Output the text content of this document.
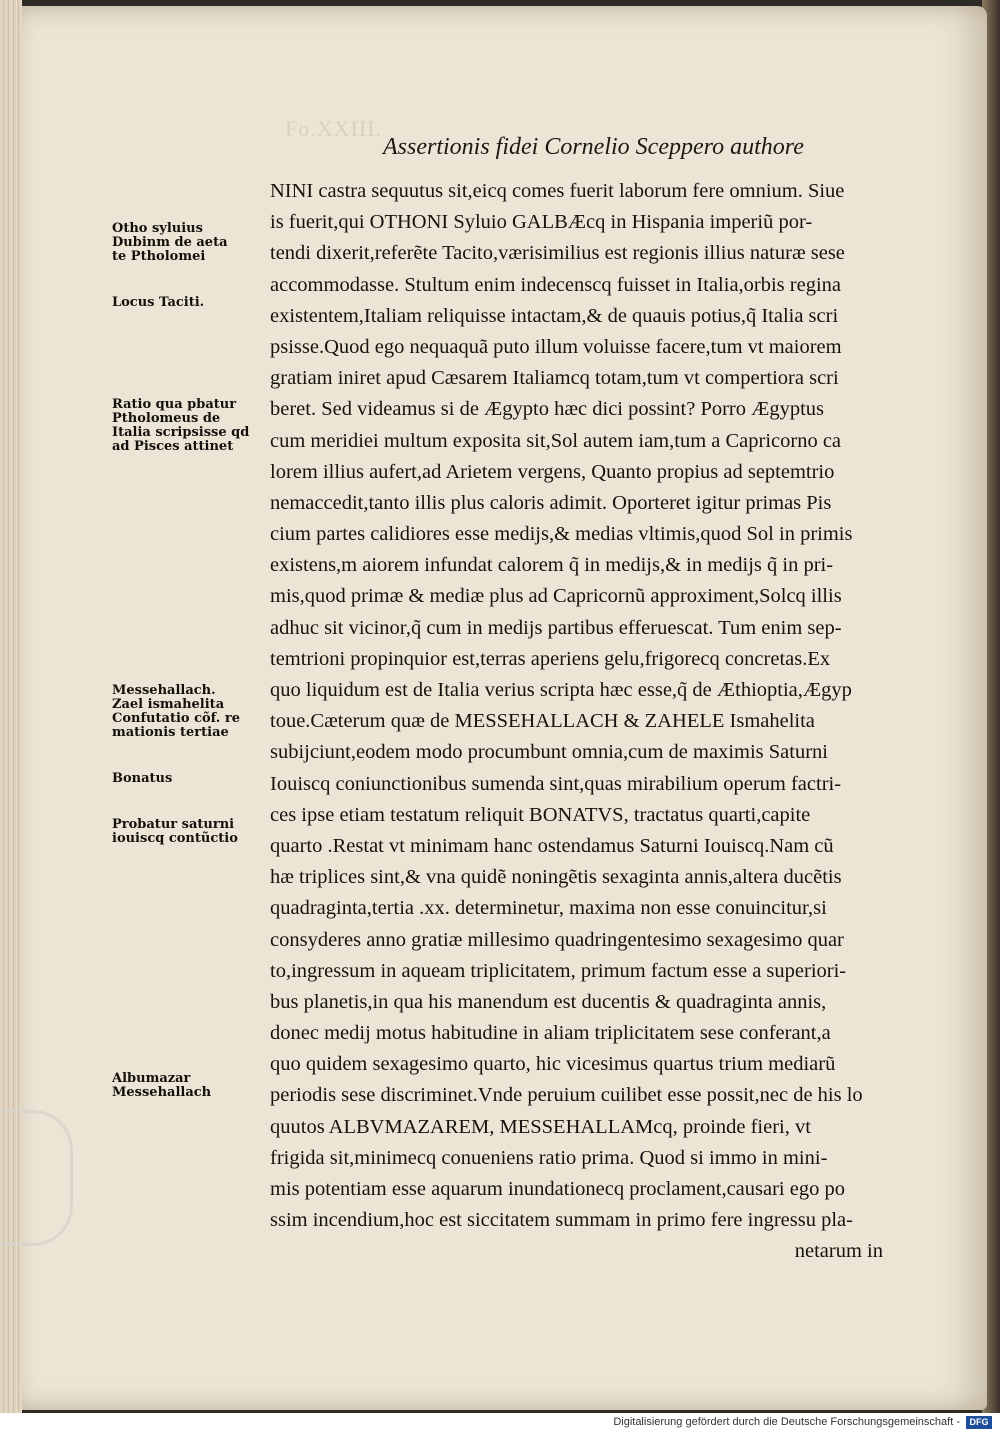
Fo.XXIII.
Assertionis fidei Cornelio Sceppero authore
NINI castra sequutus sit,eicq comes fuerit laborum fere omnium. Siue
is fuerit,qui OTHONI Syluio GALBÆcq in Hispania imperiũ por-
tendi dixerit,referẽte Tacito,værisimilius est regionis illius naturæ sese
accommodasse. Stultum enim indecenscq fuisset in Italia,orbis regina
existentem,Italiam reliquisse intactam,& de quauis potius,q̃ Italia scri
psisse.Quod ego nequaquã puto illum voluisse facere,tum vt maiorem
gratiam iniret apud Cæsarem Italiamcq totam,tum vt compertiora scri
beret. Sed videamus si de Ægypto hæc dici possint? Porro Ægyptus
cum meridiei multum exposita sit,Sol autem iam,tum a Capricorno ca
lorem illius aufert,ad Arietem vergens, Quanto propius ad septemtrio
nemaccedit,tanto illis plus caloris adimit. Oporteret igitur primas Pis
cium partes calidiores esse medijs,& medias vltimis,quod Sol in primis
existens,m aiorem infundat calorem q̃ in medijs,& in medijs q̃ in pri-
mis,quod primæ & mediæ plus ad Capricornũ approximent,Solcq illis
adhuc sit vicinor,q̃ cum in medijs partibus efferuescat. Tum enim sep-
temtrioni propinquior est,terras aperiens gelu,frigorecq concretas.Ex
quo liquidum est de Italia verius scripta hæc esse,q̃ de Æthioptia,Ægyp
toue.Cæterum quæ de MESSEHALLACH & ZAHELE Ismahelita
subijciunt,eodem modo procumbunt omnia,cum de maximis Saturni
Iouiscq coniunctionibus sumenda sint,quas mirabilium operum factri-
ces ipse etiam testatum reliquit BONATVS, tractatus quarti,capite
quarto .Restat vt minimam hanc ostendamus Saturni Iouiscq.Nam cũ
hæ triplices sint,& vna quidẽ noningẽtis sexaginta annis,altera ducẽtis
quadraginta,tertia .xx. determinetur, maxima non esse conuincitur,si
consyderes anno gratiæ millesimo quadringentesimo sexagesimo quar
to,ingressum in aqueam triplicitatem, primum factum esse a superiori-
bus planetis,in qua his manendum est ducentis & quadraginta annis,
donec medij motus habitudine in aliam triplicitatem sese conferant,a
quo quidem sexagesimo quarto, hic vicesimus quartus trium mediarũ
periodis sese discriminet.Vnde peruium cuilibet esse possit,nec de his lo
quutos ALBVMAZAREM, MESSEHALLAMcq, proinde fieri, vt
frigida sit,minimecq conueniens ratio prima. Quod si immo in mini-
mis potentiam esse aquarum inundationecq proclament,causari ego po
ssim incendium,hoc est siccitatem summam in primo fere ingressu pla-
netarum in
Otho syluius
Dubinm de aeta
te Ptholomei
Locus Taciti.
Ratio qua pbatur
Ptholomeus de
Italia scripsisse qd
ad Pisces attinet
Messehallach.
Zael ismahelita
Confutatio cõf. re
mationis tertiae
Bonatus
Probatur saturni
iouiscq contũctio
Albumazar
Messehallach
Digitalisierung gefördert durch die Deutsche Forschungsgemeinschaft -	DFG
